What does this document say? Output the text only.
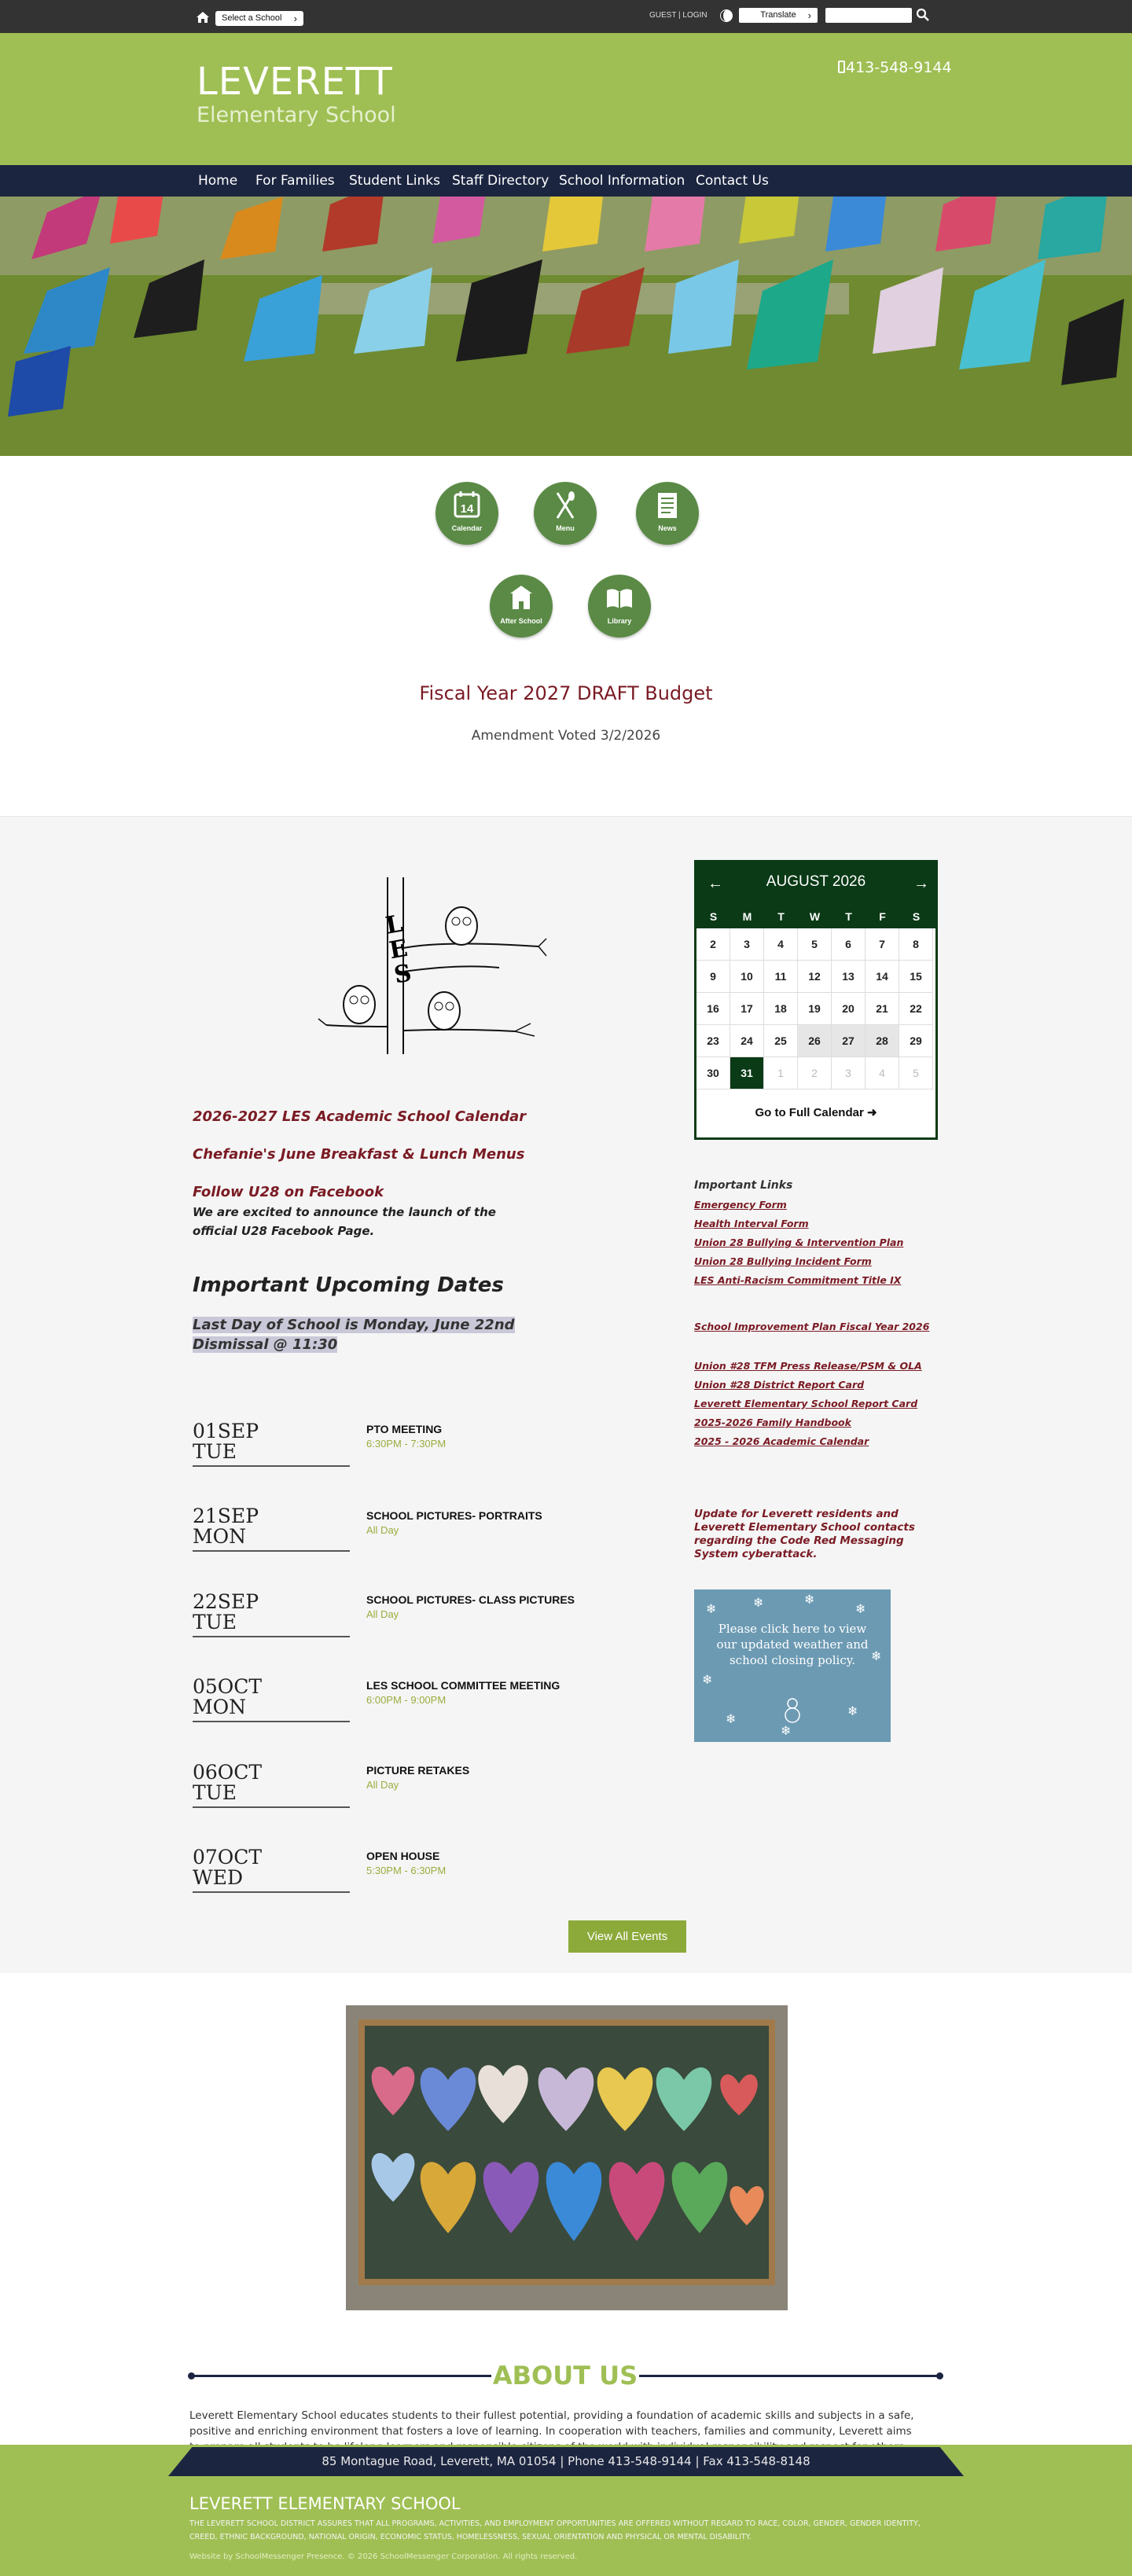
Select a School ›	GUEST | LOGIN	Translate ›
LEVERETT
Elementary School
413-548-9144
Home For Families Student Links Staff Directory School Information Contact Us
14
Calendar	Menu	News
After School	Library
Fiscal Year 2027 DRAFT Budget
Amendment Voted 3/2/2026
LES
2026-2027 LES Academic School Calendar
Chefanie's June Breakfast & Lunch Menus
Follow U28 on Facebook
We are excited to announce the launch of the official U28 Facebook Page.
Important Upcoming Dates
Last Day of School is Monday, June 22nd Dismissal @ 11:30
01SEP
TUE
PTO MEETING
6:30PM - 7:30PM
21SEP
MON
SCHOOL PICTURES- PORTRAITS
All Day
22SEP
TUE
SCHOOL PICTURES- CLASS PICTURES
All Day
05OCT
MON
LES SCHOOL COMMITTEE MEETING
6:00PM - 9:00PM
06OCT
TUE
PICTURE RETAKES
All Day
07OCT
WED
OPEN HOUSE
5:30PM - 6:30PM
View All Events
←	AUGUST 2026	→
S	M	T	W	T	F	S
2	3	4	5	6	7	8
9	10	11	12	13	14	15
16	17	18	19	20	21	22
23	24	25	26	27	28	29
30	31	1	2	3	4	5
Go to Full Calendar ➜
Important Links
Emergency Form
Health Interval Form
Union 28 Bullying & Intervention Plan
Union 28 Bullying Incident Form
LES Anti-Racism Commitment Title IX
School Improvement Plan Fiscal Year 2026
Union #28 TFM Press Release/PSM & OLA
Union #28 District Report Card
Leverett Elementary School Report Card
2025-2026 Family Handbook
2025 - 2026 Academic Calendar
Update for Leverett residents and Leverett Elementary School contacts regarding the Code Red Messaging System cyberattack.
❄	❄	❄
❄
❄
❄
❄
❄
❄
Please click here to view our updated weather and school closing policy.
ABOUT US
Leverett Elementary School educates students to their fullest potential, providing a foundation of academic skills and subjects in a safe, positive and enriching environment that fosters a love of learning. In cooperation with teachers, families and community, Leverett aims
85 Montague Road, Leverett, MA 01054 | Phone 413-548-9144 | Fax 413-548-8148
LEVERETT ELEMENTARY SCHOOL
THE LEVERETT SCHOOL DISTRICT ASSURES THAT ALL PROGRAMS, ACTIVITIES, AND EMPLOYMENT OPPORTUNITIES ARE OFFERED WITHOUT REGARD TO RACE, COLOR, GENDER, GENDER IDENTITY, CREED, ETHNIC BACKGROUND, NATIONAL ORIGIN, ECONOMIC STATUS, HOMELESSNESS, SEXUAL ORIENTATION AND PHYSICAL OR MENTAL DISABILITY.
Website by SchoolMessenger Presence. © 2026 SchoolMessenger Corporation. All rights reserved.
